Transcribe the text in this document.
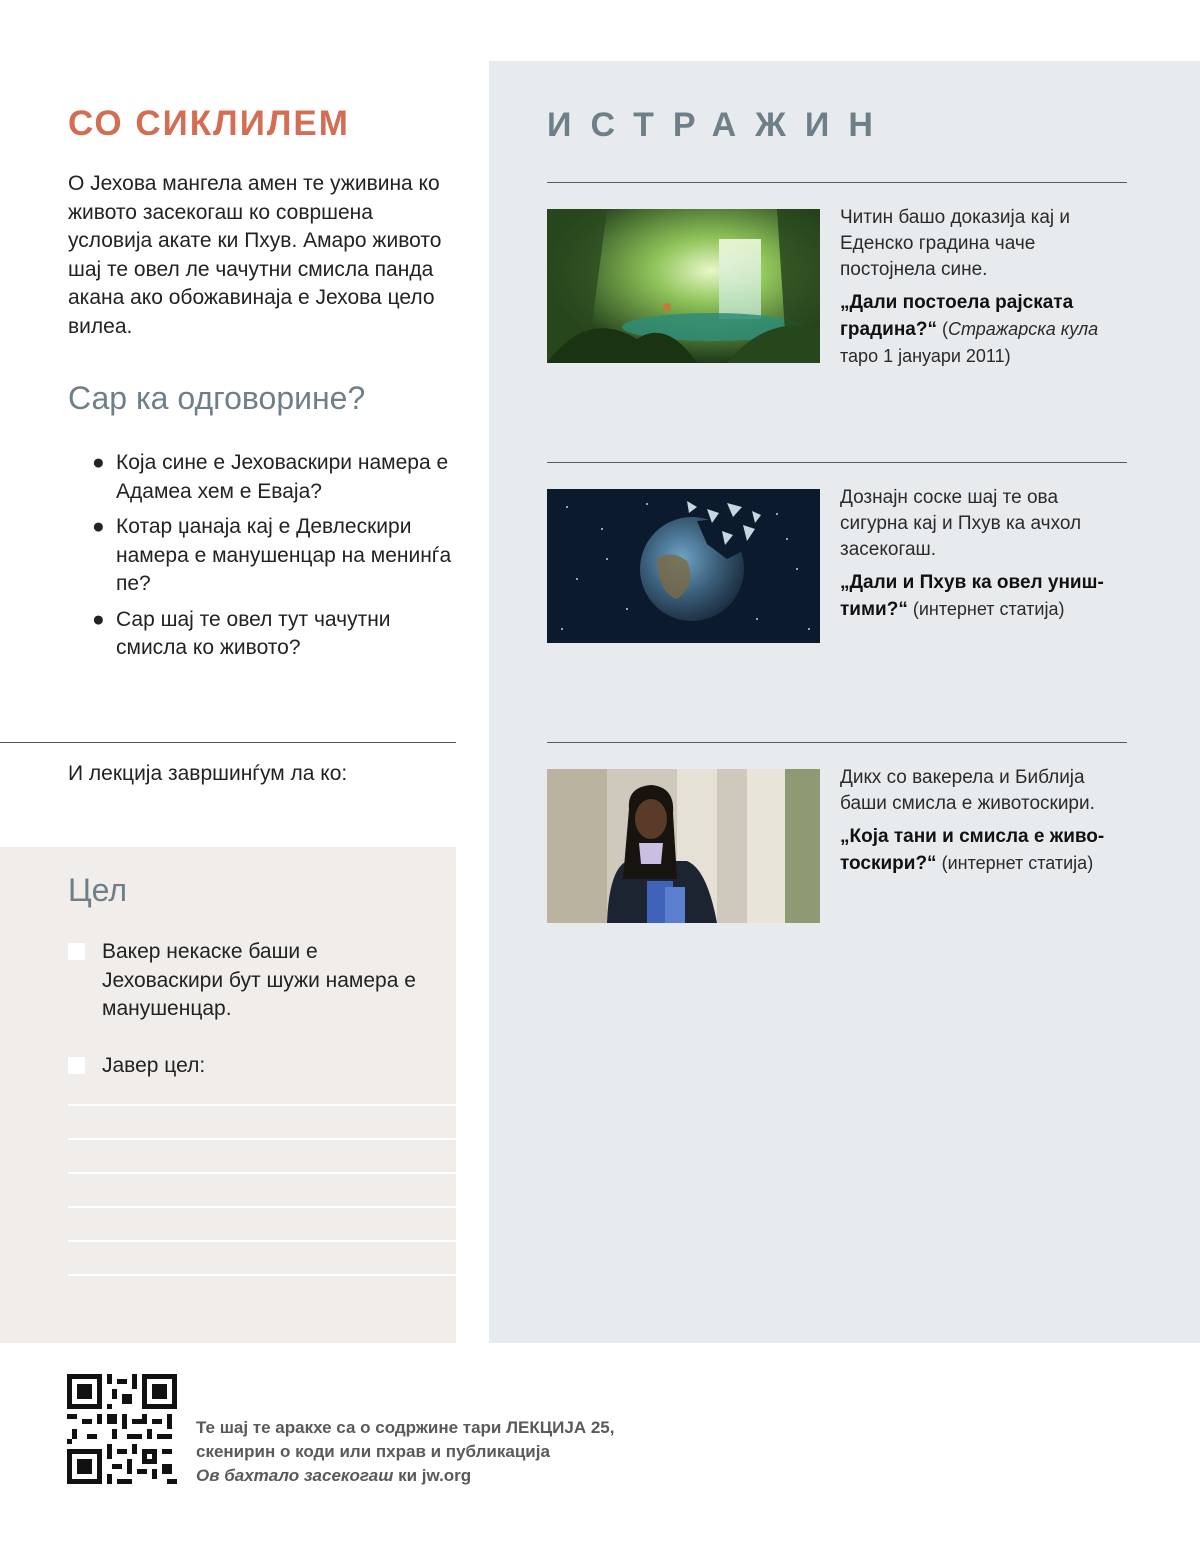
ИСТРАЖИН
Читин башо доказија кај и Еденско градина чаче постојнела сине.
„Дали постоела рајската градина?“ (Стражарска кула таро 1 јануари 2011)
Дознајн соске шај те ова сигурна кај и Пхув ка ачхол засекогаш.
„Дали и Пхув ка овел уништими?“ (интернет статија)
Дикх со вакерела и Библија баши смисла е животоскири.
„Која тани и смисла е животоскири?“ (интернет статија)
СО СИКЛИЛЕМ

О Јехова мангела амен те уживина ко живото засекогаш ко совршена условија акате ки Пхув. Амаро живото шај те овел ле чачутни смисла панда акана ако обожавинаја е Јехова цело вилеа.

Сар ка одговорине?
● Која сине е Јеховаскири намера е Адамеа хем е Еваја?
● Котар џанаја кај е Девлескири намера е манушенцар на менинѓа пе?
● Сар шај те овел тут чачутни смисла ко живото?
И лекција завршинѓум ла ко:
Цел
Вакер некаске баши е Јеховаскири бут шужи намера е манушенцар.
Јавер цел:
Те шај те аракхе са о содржине тари ЛЕКЦИЈА 25,
скенирин о коди или пхрав и публикација
Ов бахтало засекогаш ки jw.org
